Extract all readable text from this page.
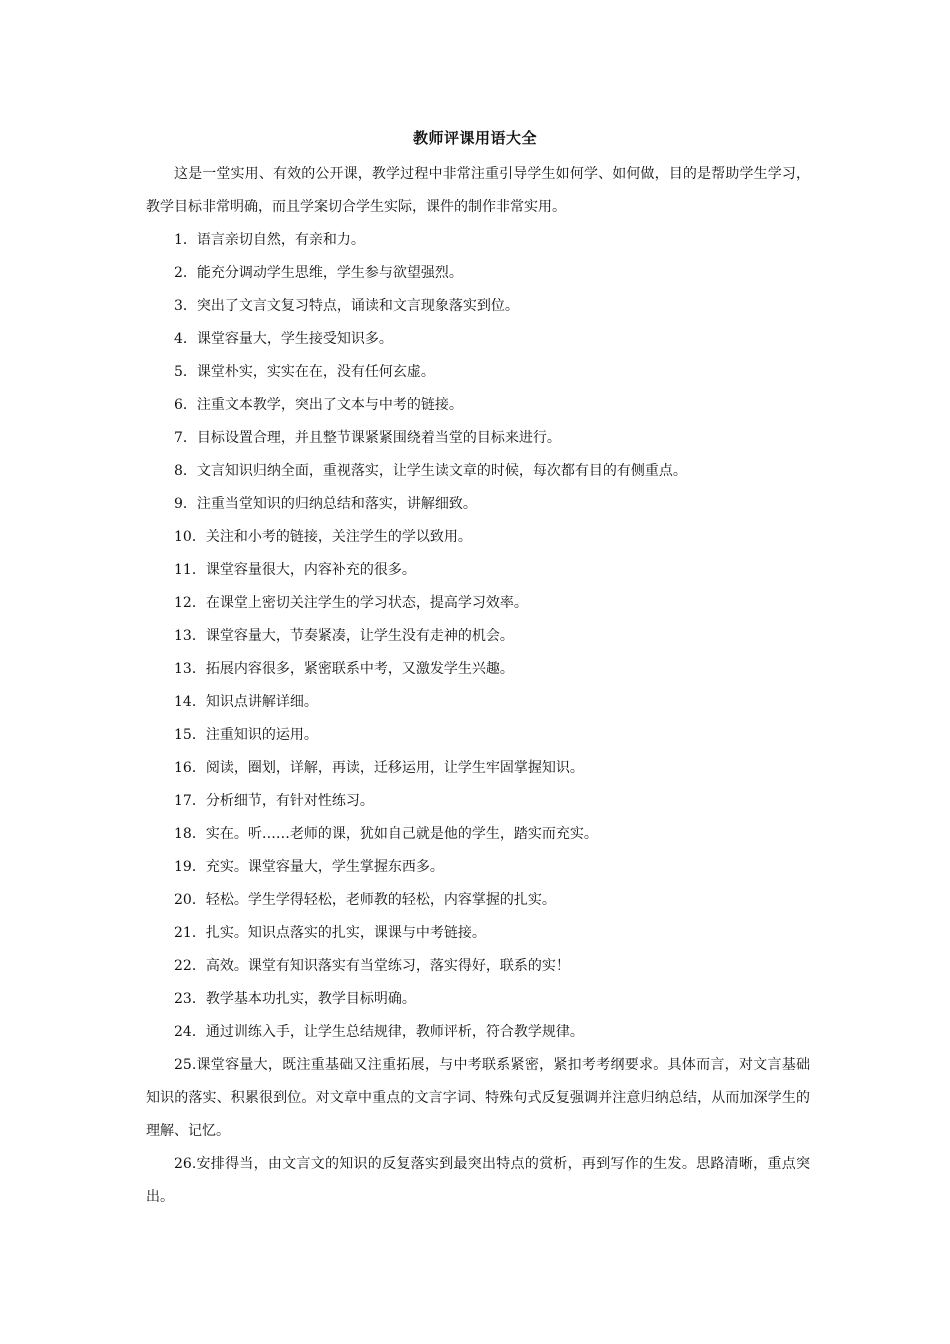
教师评课用语大全

这是一堂实用、有效的公开课，教学过程中非常注重引导学生如何学、如何做，目的是帮助学生学习，教学目标非常明确，而且学案切合学生实际，课件的制作非常实用。

1．语言亲切自然，有亲和力。

2．能充分调动学生思维，学生参与欲望强烈。

3．突出了文言文复习特点，诵读和文言现象落实到位。

4．课堂容量大，学生接受知识多。

5．课堂朴实，实实在在，没有任何玄虚。

6．注重文本教学，突出了文本与中考的链接。

7．目标设置合理，并且整节课紧紧围绕着当堂的目标来进行。

8．文言知识归纳全面，重视落实，让学生读文章的时候，每次都有目的有侧重点。

9．注重当堂知识的归纳总结和落实，讲解细致。

10．关注和小考的链接，关注学生的学以致用。

11．课堂容量很大，内容补充的很多。

12．在课堂上密切关注学生的学习状态，提高学习效率。

13．课堂容量大，节奏紧凑，让学生没有走神的机会。

13．拓展内容很多，紧密联系中考，又激发学生兴趣。

14．知识点讲解详细。

15．注重知识的运用。

16．阅读，圈划，详解，再读，迁移运用，让学生牢固掌握知识。

17．分析细节，有针对性练习。

18．实在。听……老师的课，犹如自己就是他的学生，踏实而充实。

19．充实。课堂容量大，学生掌握东西多。

20．轻松。学生学得轻松，老师教的轻松，内容掌握的扎实。

21．扎实。知识点落实的扎实，课课与中考链接。

22．高效。课堂有知识落实有当堂练习，落实得好，联系的实！

23．教学基本功扎实，教学目标明确。

24．通过训练入手，让学生总结规律，教师评析，符合教学规律。

25.课堂容量大，既注重基础又注重拓展，与中考联系紧密，紧扣考考纲要求。具体而言，对文言基础知识的落实、积累很到位。对文章中重点的文言字词、特殊句式反复强调并注意归纳总结，从而加深学生的理解、记忆。

26.安排得当，由文言文的知识的反复落实到最突出特点的赏析，再到写作的生发。思路清晰，重点突出。
